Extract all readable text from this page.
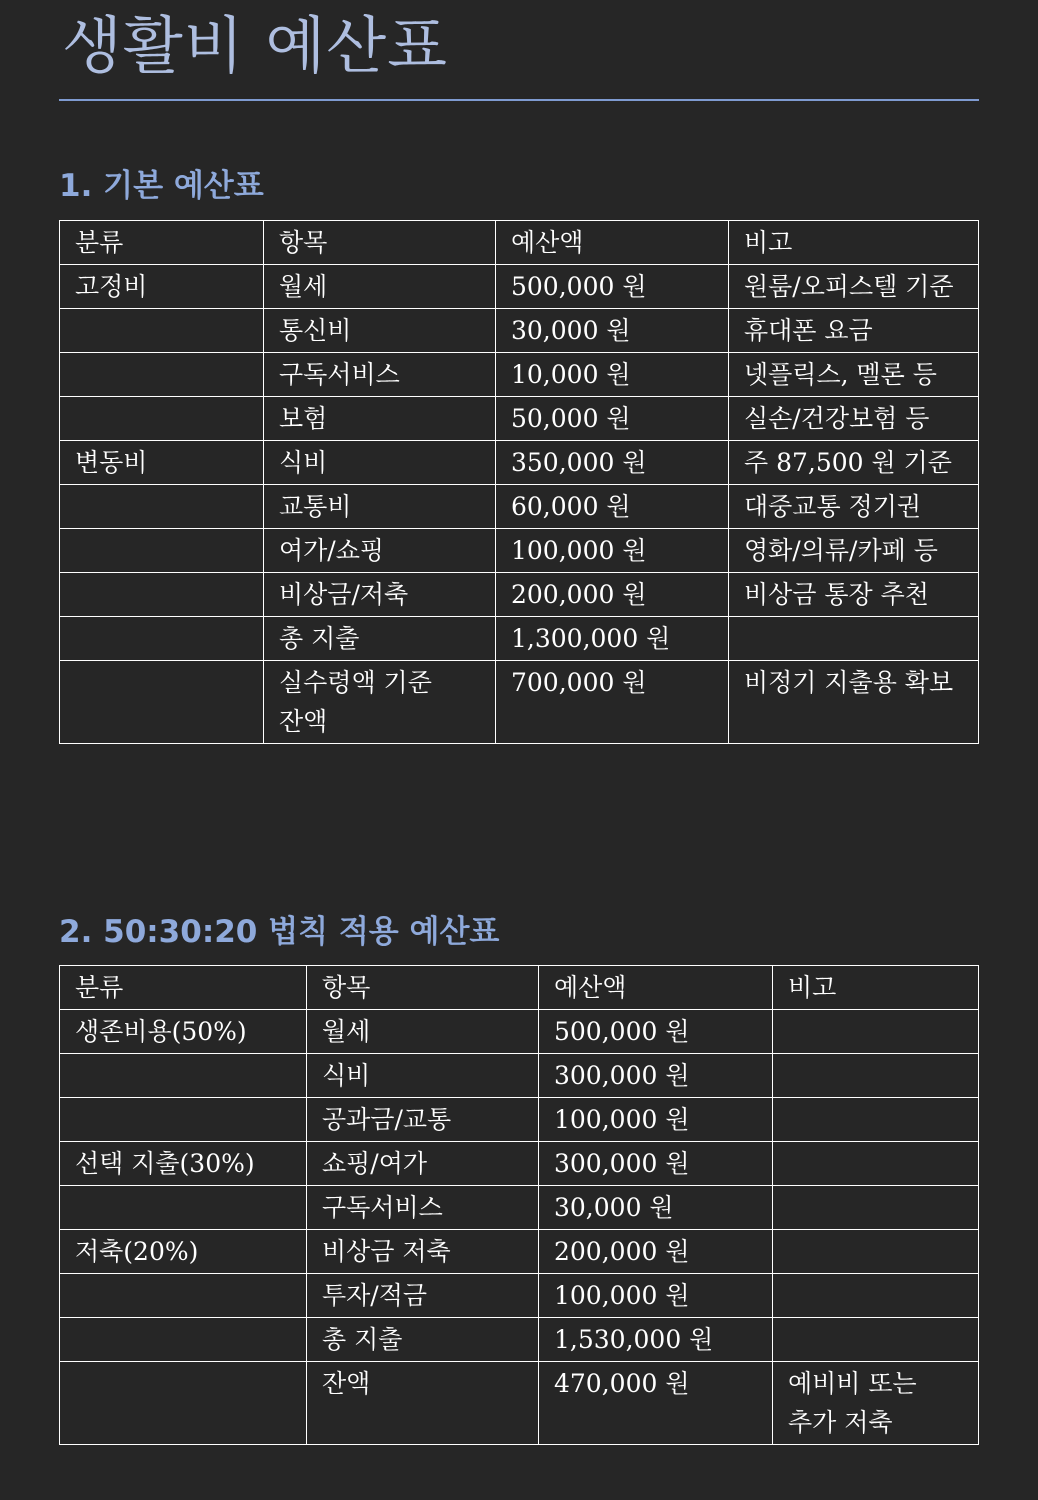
생활비 예산표
1. 기본 예산표
분류	항목	예산액	비고
고정비	월세	500,000 원	원룸/오피스텔 기준
	통신비	30,000 원	휴대폰 요금
	구독서비스	10,000 원	넷플릭스, 멜론 등
	보험	50,000 원	실손/건강보험 등
변동비	식비	350,000 원	주 87,500 원 기준
	교통비	60,000 원	대중교통 정기권
	여가/쇼핑	100,000 원	영화/의류/카페 등
	비상금/저축	200,000 원	비상금 통장 추천
	총 지출	1,300,000 원	
	실수령액 기준 잔액	700,000 원	비정기 지출용 확보
2. 50:30:20 법칙 적용 예산표
분류	항목	예산액	비고
생존비용(50%)	월세	500,000 원	
	식비	300,000 원	
	공과금/교통	100,000 원	
선택 지출(30%)	쇼핑/여가	300,000 원	
	구독서비스	30,000 원	
저축(20%)	비상금 저축	200,000 원	
	투자/적금	100,000 원	
	총 지출	1,530,000 원	
	잔액	470,000 원	예비비 또는 추가 저축
